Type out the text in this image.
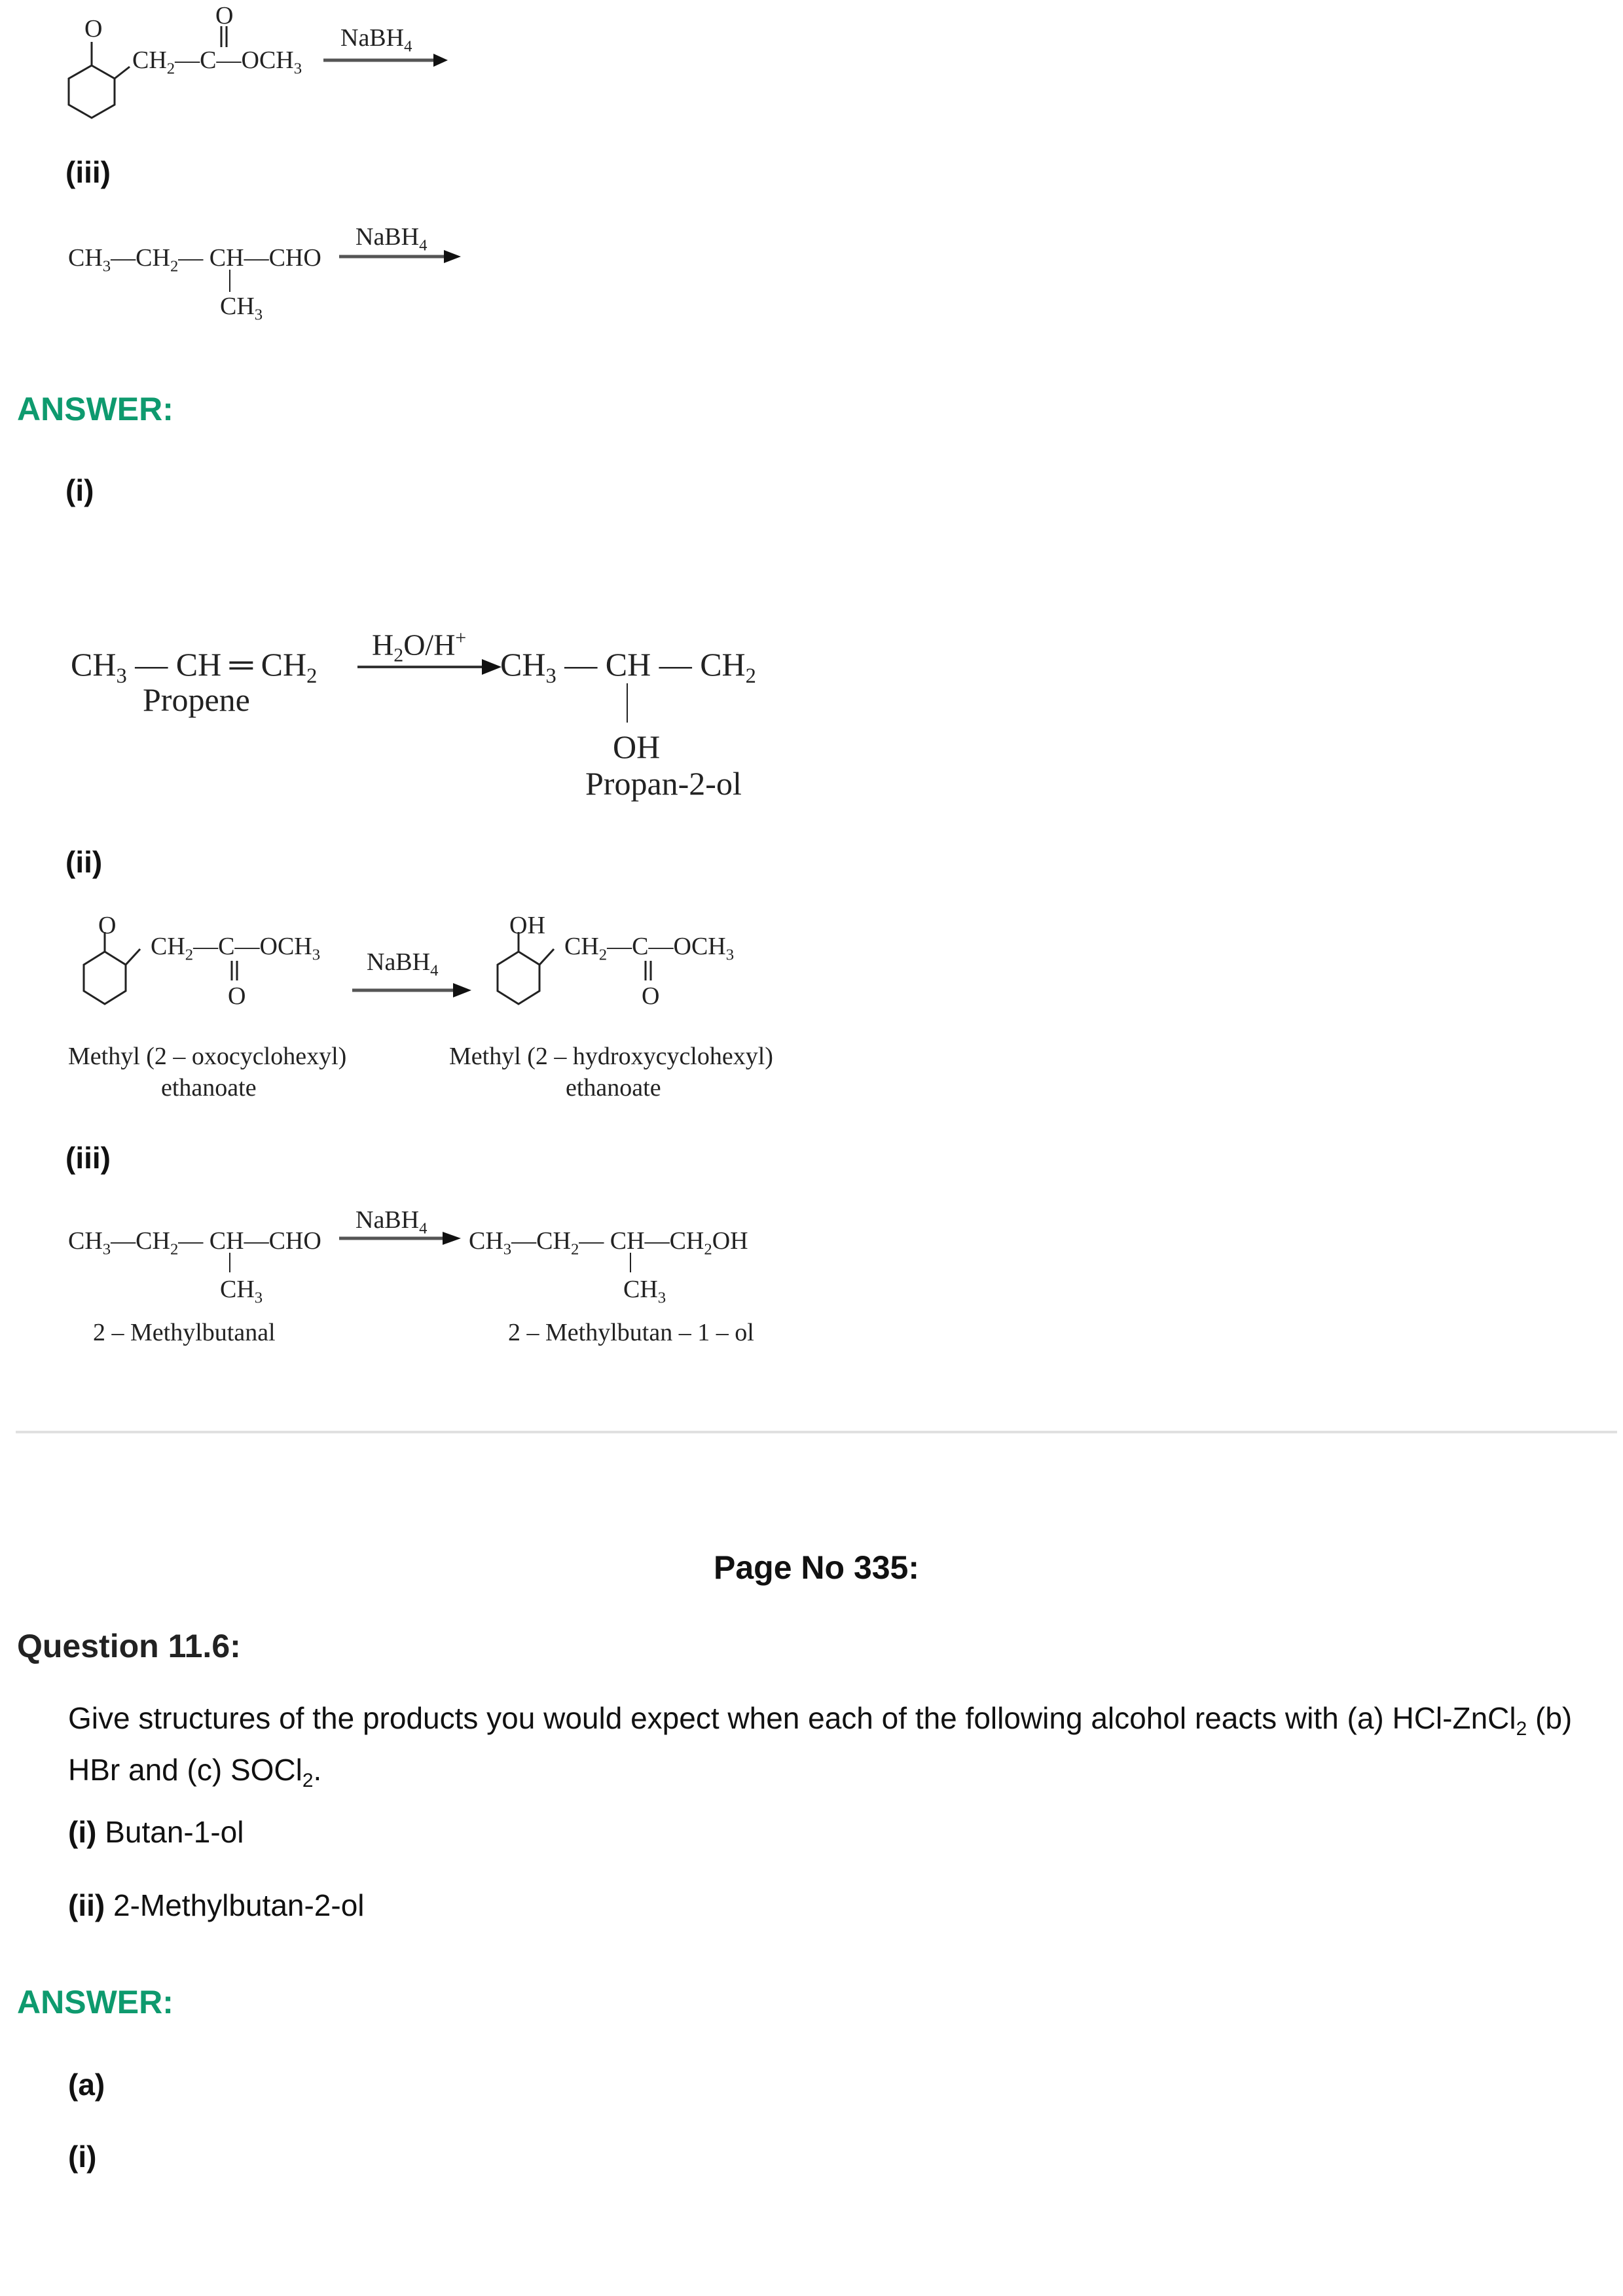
O
$CH_2—C—OCH_3$
O
NaBH$_4$
(iii)
$CH_3—CH_2—$ CH—CHO
$CH_3$
NaBH$_4$
ANSWER:
(i)
$CH_3$ — CH ═ $CH_2$
Propene
$H_2O/H^+$
$CH_3$ — CH — $CH_2$
OH
Propan-2-ol
(ii)
O
$CH_2—C—OCH_3$
O
NaBH$_4$
OH
$CH_2—C—OCH_3$
O
Methyl (2 – oxocyclohexyl)
ethanoate
Methyl (2 – hydroxycyclohexyl)
ethanoate
(iii)
$CH_3—CH_2—$ CH—CHO
$CH_3$
NaBH$_4$ $CH_3—CH_2—$ $CH—CH_2OH$
$CH_3$
2 – Methylbutanal	2 – Methylbutan – 1 – ol
Page No 335:
Question 11.6:
Give structures of the products you would expect when each of the following alcohol reacts with (a) HCl-ZnCl$_2$ (b)
HBr and (c) SOCl$_2$.
(i) Butan-1-ol
(ii) 2-Methylbutan-2-ol
ANSWER:
(a)
(i)
